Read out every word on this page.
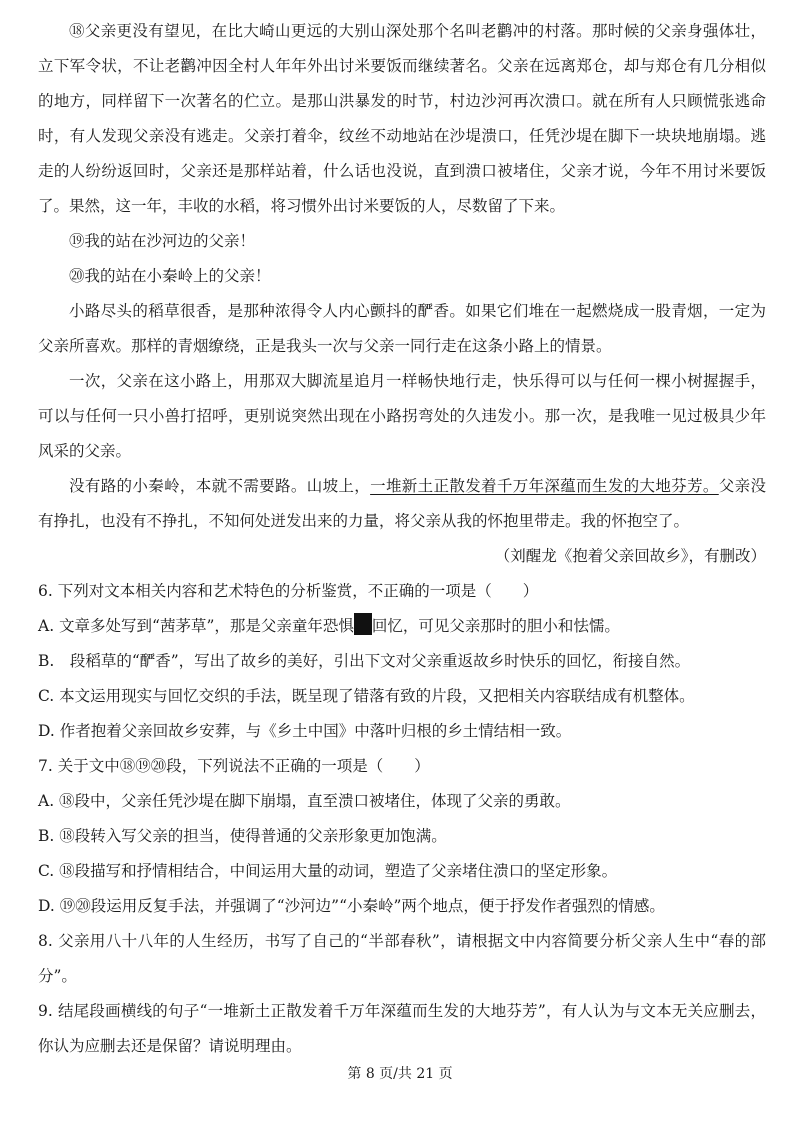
⑱父亲更没有望见，在比大崎山更远的大别山深处那个名叫老鹳冲的村落。那时候的父亲身强体壮，立下军令状，不让老鹳冲因全村人年年外出讨米要饭而继续著名。父亲在远离郑仓，却与郑仓有几分相似的地方，同样留下一次著名的伫立。是那山洪暴发的时节，村边沙河再次溃口。就在所有人只顾慌张逃命时，有人发现父亲没有逃走。父亲打着伞，纹丝不动地站在沙堤溃口，任凭沙堤在脚下一块块地崩塌。逃走的人纷纷返回时，父亲还是那样站着，什么话也没说，直到溃口被堵住，父亲才说，今年不用讨米要饭了。果然，这一年，丰收的水稻，将习惯外出讨米要饭的人，尽数留了下来。

⑲我的站在沙河边的父亲！

⑳我的站在小秦岭上的父亲！

小路尽头的稻草很香，是那种浓得令人内心颤抖的酽香。如果它们堆在一起燃烧成一股青烟，一定为父亲所喜欢。那样的青烟缭绕，正是我头一次与父亲一同行走在这条小路上的情景。

一次，父亲在这小路上，用那双大脚流星追月一样畅快地行走，快乐得可以与任何一棵小树握握手，可以与任何一只小兽打招呼，更别说突然出现在小路拐弯处的久违发小。那一次，是我唯一见过极具少年风采的父亲。

没有路的小秦岭，本就不需要路。山坡上，一堆新土正散发着千万年深蕴而生发的大地芬芳。父亲没有挣扎，也没有不挣扎，不知何处迸发出来的力量，将父亲从我的怀抱里带走。我的怀抱空了。

（刘醒龙《抱着父亲回故乡》，有删改）

6. 下列对文本相关内容和艺术特色的分析鉴赏，不正确的一项是（　　）

A. 文章多处写到“茜茅草”，那是父亲童年恐惧 回忆，可见父亲那时的胆小和怯懦。

B.　段稻草的“酽香”，写出了故乡的美好，引出下文对父亲重返故乡时快乐的回忆，衔接自然。

C. 本文运用现实与回忆交织的手法，既呈现了错落有致的片段，又把相关内容联结成有机整体。

D. 作者抱着父亲回故乡安葬，与《乡土中国》中落叶归根的乡土情结相一致。

7. 关于文中⑱⑲⑳段，下列说法不正确的一项是（　　）

A. ⑱段中，父亲任凭沙堤在脚下崩塌，直至溃口被堵住，体现了父亲的勇敢。

B. ⑱段转入写父亲的担当，使得普通的父亲形象更加饱满。

C. ⑱段描写和抒情相结合，中间运用大量的动词，塑造了父亲堵住溃口的坚定形象。

D. ⑲⑳段运用反复手法，并强调了“沙河边”“小秦岭”两个地点，便于抒发作者强烈的情感。

8. 父亲用八十八年的人生经历，书写了自己的“半部春秋”，请根据文中内容简要分析父亲人生中“春的部分”。

9. 结尾段画横线的句子“一堆新土正散发着千万年深蕴而生发的大地芬芳”，有人认为与文本无关应删去，你认为应删去还是保留？请说明理由。

第 8 页/共 21 页
